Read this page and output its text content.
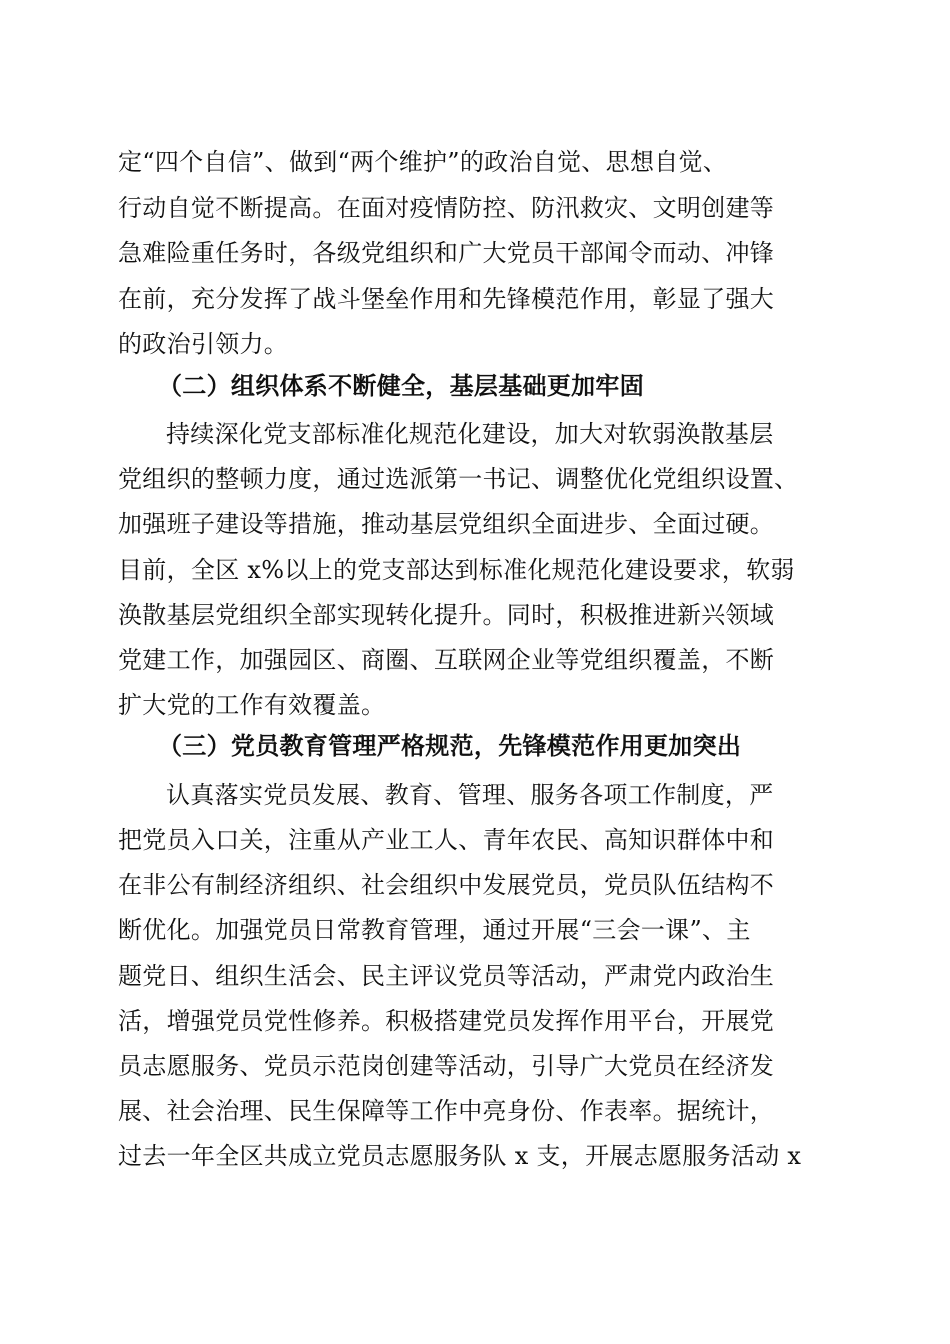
定“四个自信”、做到“两个维护”的政治自觉、思想自觉、
行动自觉不断提高。在面对疫情防控、防汛救灾、文明创建等
急难险重任务时，各级党组织和广大党员干部闻令而动、冲锋
在前，充分发挥了战斗堡垒作用和先锋模范作用，彰显了强大
的政治引领力。
（二）组织体系不断健全，基层基础更加牢固
持续深化党支部标准化规范化建设，加大对软弱涣散基层
党组织的整顿力度，通过选派第一书记、调整优化党组织设置、
加强班子建设等措施，推动基层党组织全面进步、全面过硬。
目前，全区 x%以上的党支部达到标准化规范化建设要求，软弱
涣散基层党组织全部实现转化提升。同时，积极推进新兴领域
党建工作，加强园区、商圈、互联网企业等党组织覆盖，不断
扩大党的工作有效覆盖。
（三）党员教育管理严格规范，先锋模范作用更加突出
认真落实党员发展、教育、管理、服务各项工作制度，严
把党员入口关，注重从产业工人、青年农民、高知识群体中和
在非公有制经济组织、社会组织中发展党员，党员队伍结构不
断优化。加强党员日常教育管理，通过开展“三会一课”、主
题党日、组织生活会、民主评议党员等活动，严肃党内政治生
活，增强党员党性修养。积极搭建党员发挥作用平台，开展党
员志愿服务、党员示范岗创建等活动，引导广大党员在经济发
展、社会治理、民生保障等工作中亮身份、作表率。据统计，
过去一年全区共成立党员志愿服务队 x 支，开展志愿服务活动 x
